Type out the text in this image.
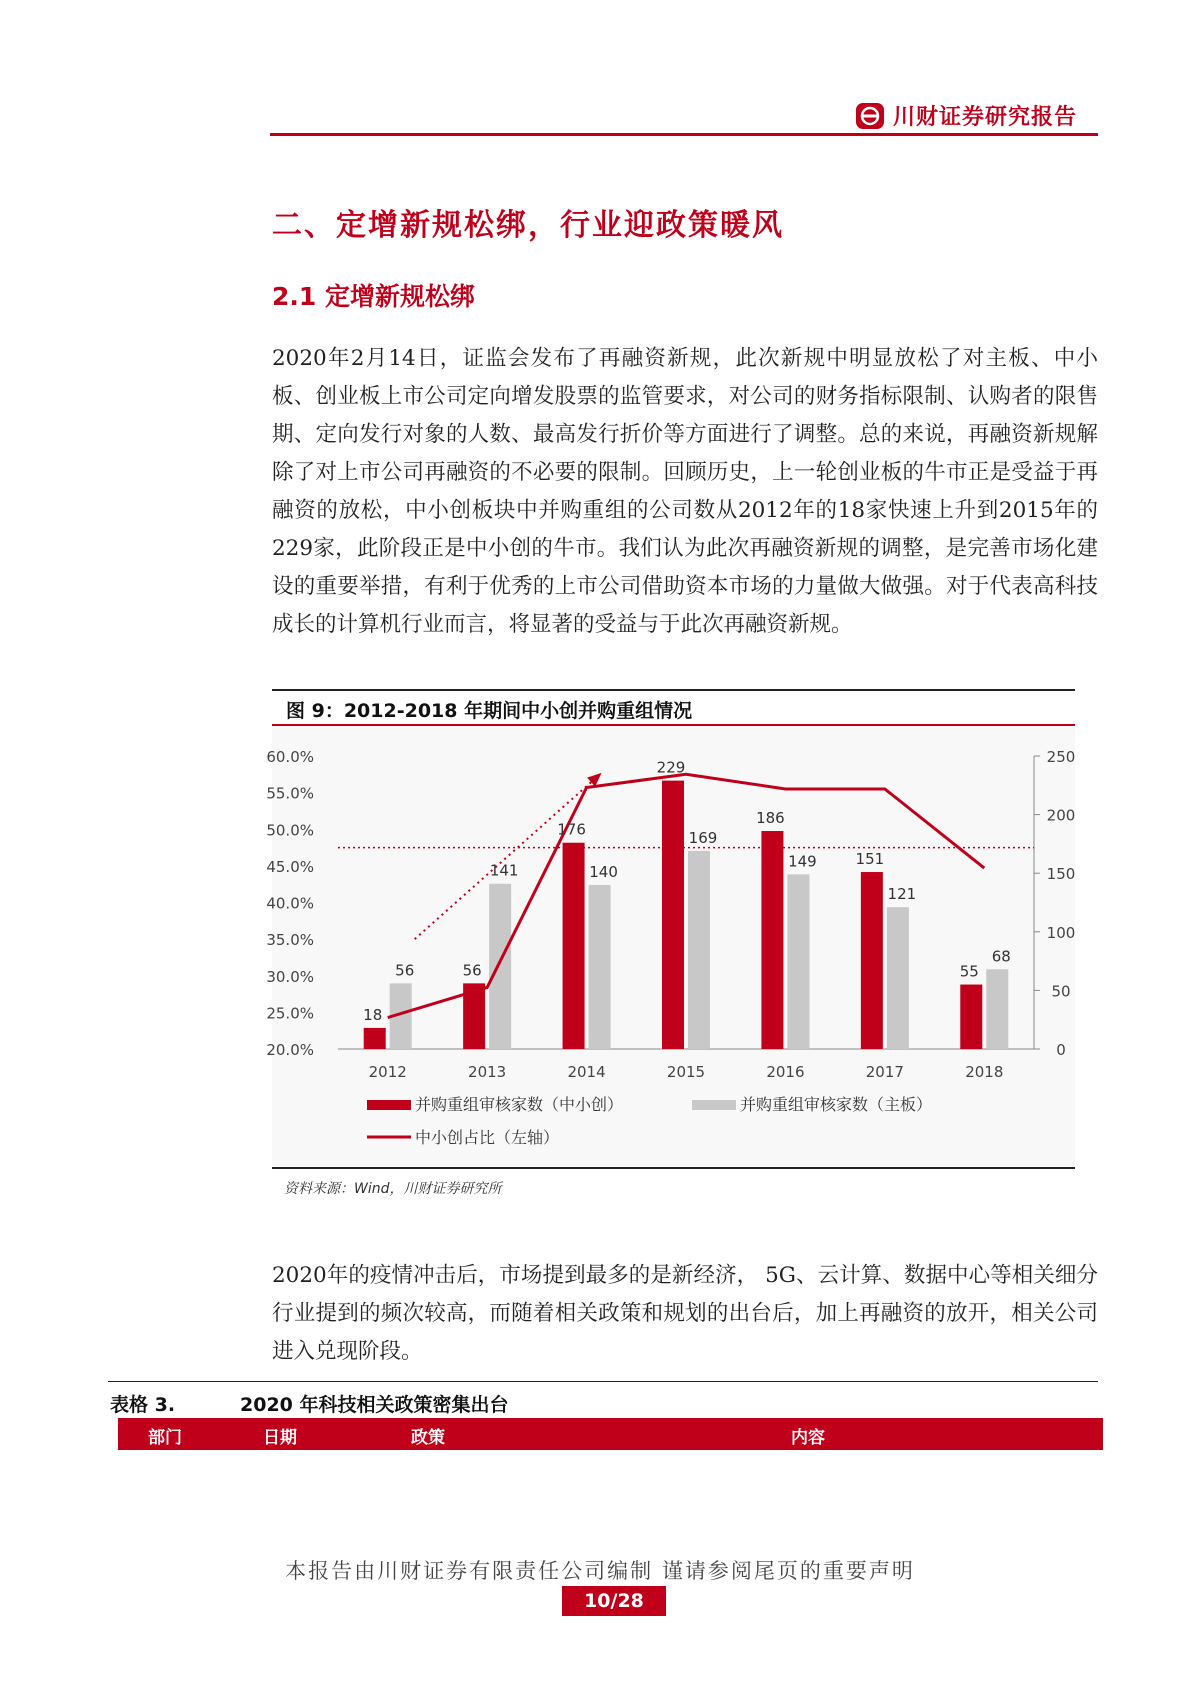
川财证券研究报告
二、定增新规松绑，行业迎政策暖风
2.1 定增新规松绑
2020年2月14日，证监会发布了再融资新规，此次新规中明显放松了对主板、中小板、创业板上市公司定向增发股票的监管要求，对公司的财务指标限制、认购者的限售期、定向发行对象的人数、最高发行折价等方面进行了调整。总的来说，再融资新规解除了对上市公司再融资的不必要的限制。回顾历史，上一轮创业板的牛市正是受益于再融资的放松，中小创板块中并购重组的公司数从2012年的18家快速上升到2015年的229家，此阶段正是中小创的牛市。我们认为此次再融资新规的调整，是完善市场化建设的重要举措，有利于优秀的上市公司借助资本市场的力量做大做强。对于代表高科技成长的计算机行业而言，将显著的受益与于此次再融资新规。
图 9：2012-2018 年期间中小创并购重组情况
60.0%
55.0%
50.0%
45.0%
40.0%
35.0%
30.0%
25.0%
20.0%
250
200
150
100
50
0
18
56	56
141
176
140
229
169
186
149	151
121
55
68
2012	2013	2014	2015	2016	2017	2018
并购重组审核家数（中小创）	并购重组审核家数（主板）
中小创占比（左轴）
资料来源：Wind，川财证券研究所
2020年的疫情冲击后，市场提到最多的是新经济， 5G、云计算、数据中心等相关细分行业提到的频次较高，而随着相关政策和规划的出台后，加上再融资的放开，相关公司进入兑现阶段。
表格 3.	2020 年科技相关政策密集出台
部门	日期	政策	内容
本报告由川财证券有限责任公司编制 谨请参阅尾页的重要声明
10/28
